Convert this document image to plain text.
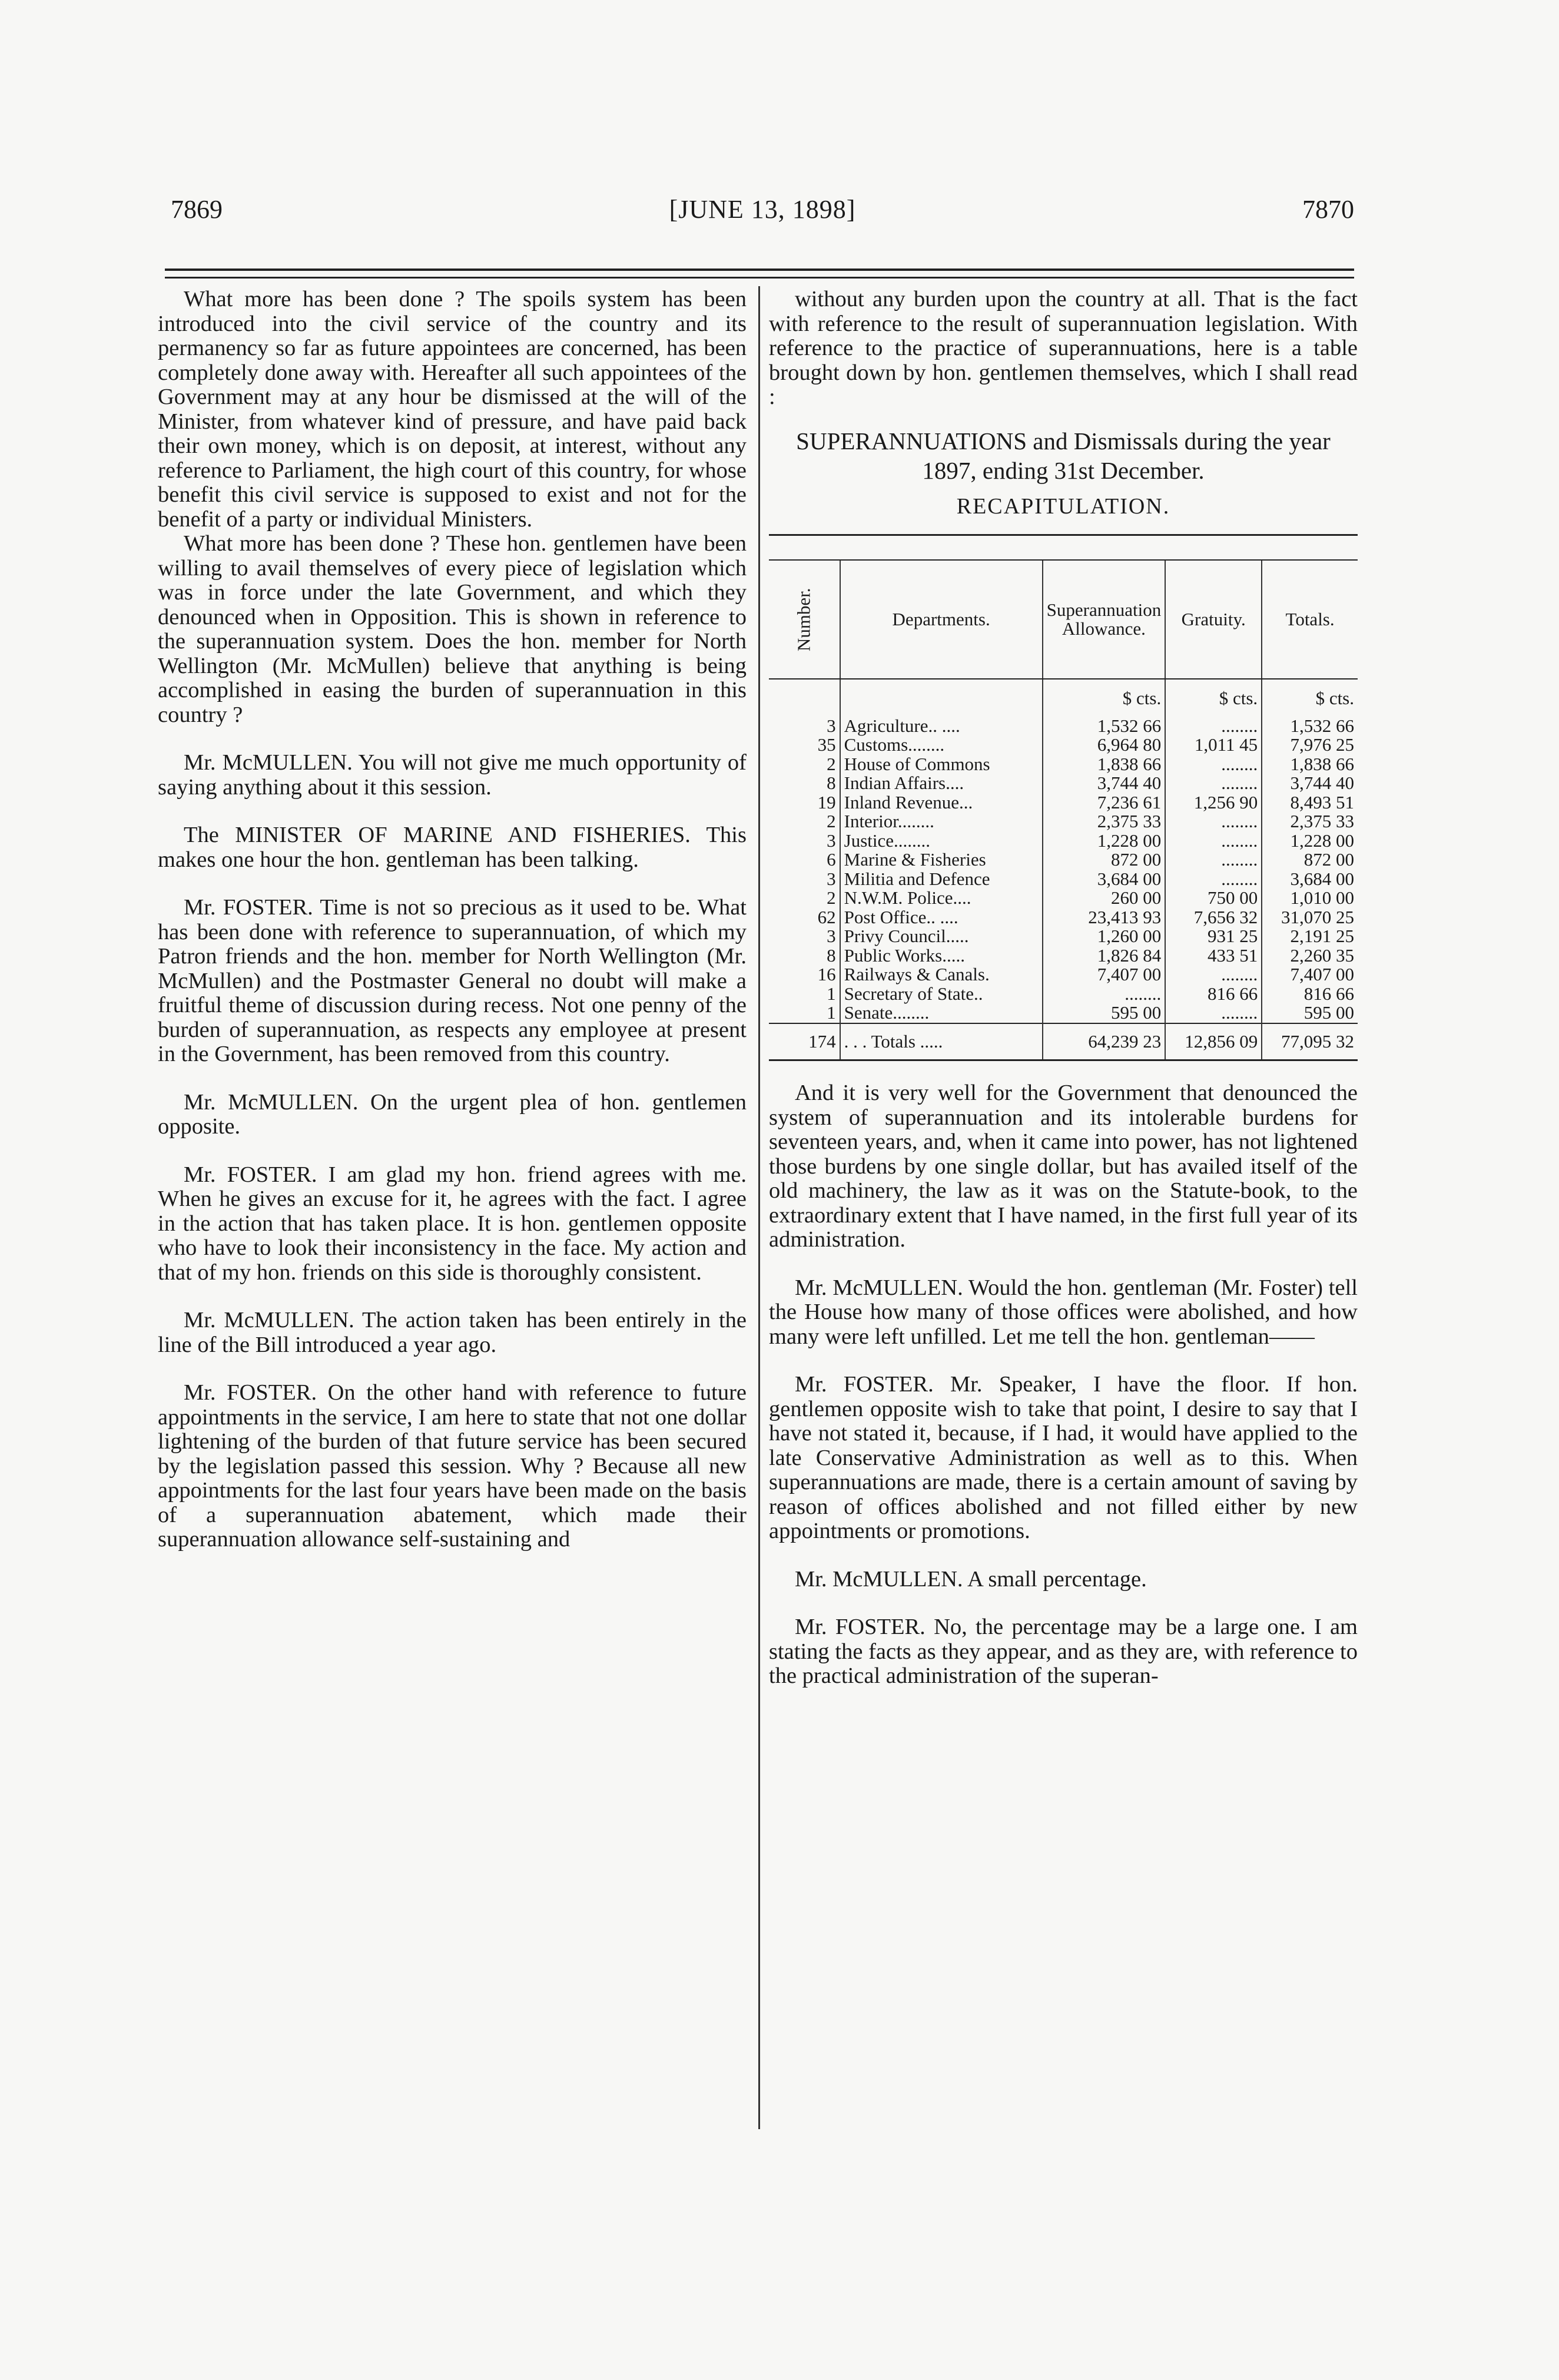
7869	[JUNE 13, 1898]	7870

What more has been done ? The spoils system has been introduced into the civil service of the country and its permanency so far as future appointees are concerned, has been completely done away with. Hereafter all such appointees of the Government may at any hour be dismissed at the will of the Minister, from whatever kind of pressure, and have paid back their own money, which is on deposit, at interest, without any reference to Parliament, the high court of this country, for whose benefit this civil service is supposed to exist and not for the benefit of a party or individual Ministers.

What more has been done ? These hon. gentlemen have been willing to avail themselves of every piece of legislation which was in force under the late Government, and which they denounced when in Opposition. This is shown in reference to the superannuation system. Does the hon. member for North Wellington (Mr. McMullen) believe that anything is being accomplished in easing the burden of superannuation in this country ?

Mr. McMULLEN. You will not give me much opportunity of saying anything about it this session.

The MINISTER OF MARINE AND FISHERIES. This makes one hour the hon. gentleman has been talking.

Mr. FOSTER. Time is not so precious as it used to be. What has been done with reference to superannuation, of which my Patron friends and the hon. member for North Wellington (Mr. McMullen) and the Postmaster General no doubt will make a fruitful theme of discussion during recess. Not one penny of the burden of superannuation, as respects any employee at present in the Government, has been removed from this country.

Mr. McMULLEN. On the urgent plea of hon. gentlemen opposite.

Mr. FOSTER. I am glad my hon. friend agrees with me. When he gives an excuse for it, he agrees with the fact. I agree in the action that has taken place. It is hon. gentlemen opposite who have to look their inconsistency in the face. My action and that of my hon. friends on this side is thoroughly consistent.

Mr. McMULLEN. The action taken has been entirely in the line of the Bill introduced a year ago.

Mr. FOSTER. On the other hand with reference to future appointments in the service, I am here to state that not one dollar lightening of the burden of that future service has been secured by the legislation passed this session. Why ? Because all new appointments for the last four years have been made on the basis of a superannuation abatement, which made their superannuation allowance self-sustaining and

without any burden upon the country at all. That is the fact with reference to the result of superannuation legislation. With reference to the practice of superannuations, here is a table brought down by hon. gentlemen themselves, which I shall read :

SUPERANNUATIONS and Dismissals during the year 1897, ending 31st December.

RECAPITULATION.

Number.	Departments.	Superannuation Allowance.	Gratuity.	Totals.
		$ cts.	$ cts.	$ cts.
3	Agriculture.. ....	1,532 66	........	1,532 66
35	Customs........	6,964 80	1,011 45	7,976 25
2	House of Commons	1,838 66	........	1,838 66
8	Indian Affairs....	3,744 40	........	3,744 40
19	Inland Revenue...	7,236 61	1,256 90	8,493 51
2	Interior........	2,375 33	........	2,375 33
3	Justice........	1,228 00	........	1,228 00
6	Marine & Fisheries	872 00	........	872 00
3	Militia and Defence	3,684 00	........	3,684 00
2	N.W.M. Police....	260 00	750 00	1,010 00
62	Post Office.. ....	23,413 93	7,656 32	31,070 25
3	Privy Council.....	1,260 00	931 25	2,191 25
8	Public Works.....	1,826 84	433 51	2,260 35
16	Railways & Canals.	7,407 00	........	7,407 00
1	Secretary of State..	........	816 66	816 66
1	Senate........	595 00	........	595 00
174	. . . Totals .....	64,239 23	12,856 09	77,095 32

And it is very well for the Government that denounced the system of superannuation and its intolerable burdens for seventeen years, and, when it came into power, has not lightened those burdens by one single dollar, but has availed itself of the old machinery, the law as it was on the Statute-book, to the extraordinary extent that I have named, in the first full year of its administration.

Mr. McMULLEN. Would the hon. gentleman (Mr. Foster) tell the House how many of those offices were abolished, and how many were left unfilled. Let me tell the hon. gentleman——

Mr. FOSTER. Mr. Speaker, I have the floor. If hon. gentlemen opposite wish to take that point, I desire to say that I have not stated it, because, if I had, it would have applied to the late Conservative Administration as well as to this. When superannuations are made, there is a certain amount of saving by reason of offices abolished and not filled either by new appointments or promotions.

Mr. McMULLEN. A small percentage.

Mr. FOSTER. No, the percentage may be a large one. I am stating the facts as they appear, and as they are, with reference to the practical administration of the superan-
